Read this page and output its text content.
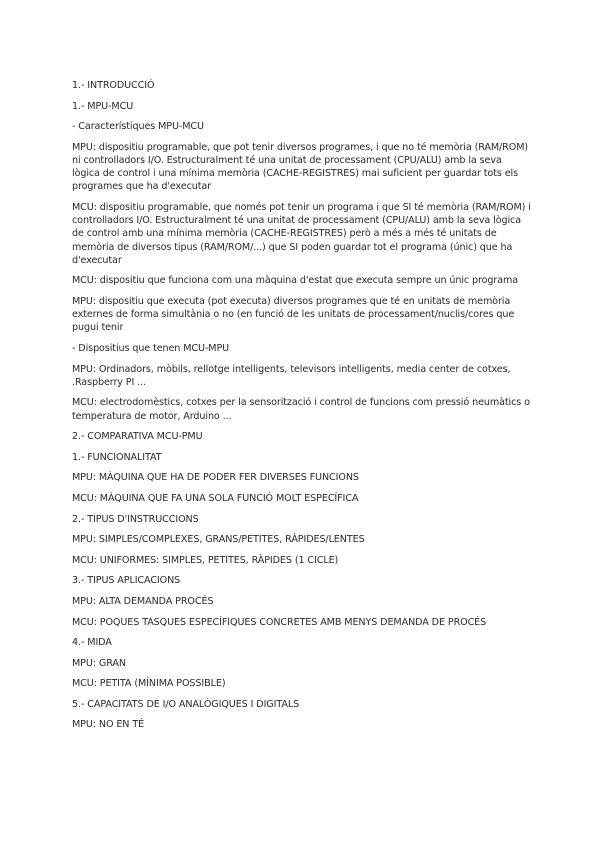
1.- INTRODUCCIÓ

1.- MPU-MCU

- Característiques MPU-MCU

MPU: dispositiu programable, que pot tenir diversos programes, i que no té memòria (RAM/ROM) ni controlladors I/O. Estructuralment té una unitat de processament (CPU/ALU) amb la seva lògica de control i una mínima memòria (CACHE-REGISTRES) mai suficient per guardar tots els programes que ha d'executar

MCU: dispositiu programable, que només pot tenir un programa i que SI té memòria (RAM/ROM) i controlladors I/O. Estructuralment té una unitat de processament (CPU/ALU) amb la seva lògica de control amb una mínima memòria (CACHE-REGISTRES) però a més a més té unitats de memòria de diversos tipus (RAM/ROM/...) que SI poden guardar tot el programa (únic) que ha d'executar

MCU: dispositiu que funciona com una màquina d'estat que executa sempre un únic programa

MPU: dispositiu que executa (pot executa) diversos programes que té en unitats de memòria externes de forma simultània o no (en funció de les unitats de processament/nuclis/cores que pugui tenir

- Dispositius que tenen MCU-MPU

MPU: Ordinadors, mòbils, rellotge intelligents, televisors intelligents, media center de cotxes, .Raspberry PI ...

MCU: electrodomèstics, cotxes per la sensorització i control de funcions com pressió neumàtics o temperatura de motor, Arduino ...

2.- COMPARATIVA MCU-PMU

1.- FUNCIONALITAT

MPU: MÀQUINA QUE HA DE PODER FER DIVERSES FUNCIONS

MCU: MÀQUINA QUE FA UNA SOLA FUNCIÓ MOLT ESPECÍFICA

2.- TIPUS D'INSTRUCCIONS

MPU: SIMPLES/COMPLEXES, GRANS/PETITES, RÀPIDES/LENTES

MCU: UNIFORMES: SIMPLES, PETITES, RÀPIDES (1 CICLE)

3.- TIPUS APLICACIONS

MPU: ALTA DEMANDA PROCÉS

MCU: POQUES TASQUES ESPECÍFIQUES CONCRETES AMB MENYS DEMANDA DE PROCÉS

4.- MIDA

MPU: GRAN

MCU: PETITA (MÍNIMA POSSIBLE)

5.- CAPACITATS DE I/O ANALÒGIQUES I DIGITALS

MPU: NO EN TÉ
